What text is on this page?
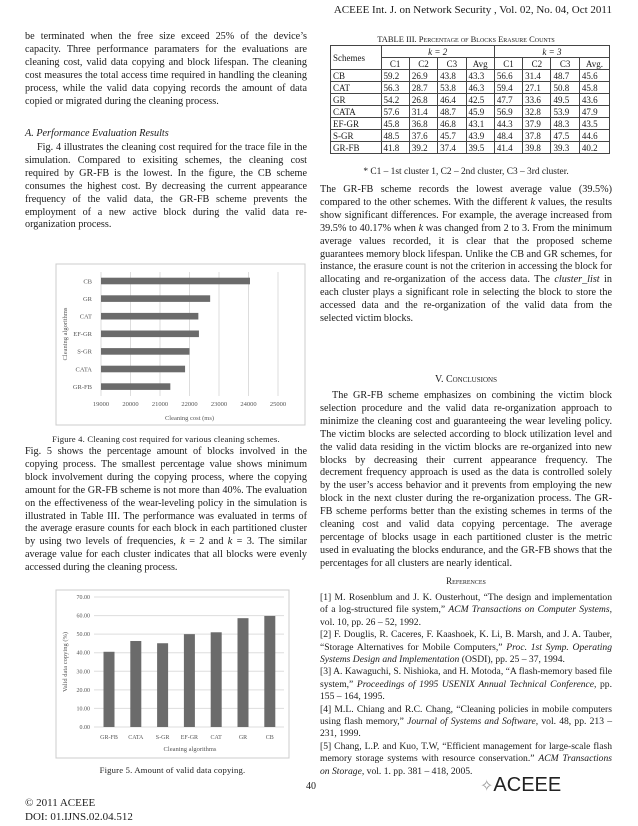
ACEEE Int. J. on Network Security , Vol. 02, No. 04, Oct 2011
be terminated when the free size exceed 25% of the device’s capacity. Three performance paramaters for the evaluations are cleaning cost, valid data copying and block lifespan. The cleaning cost measures the total access time required in handling the cleaning process, while the valid data copying records the amount of data copied or migrated during the cleaning process.
A. Performance Evaluation Results
Fig. 4 illustrates the cleaning cost required for the trace file in the simulation. Compared to exisiting schemes, the cleaning cost required by GR-FB is the lowest. In the figure, the CB scheme consumes the highest cost. By decreasing the current appearance frequency of the valid data, the GR-FB scheme prevents the employment of a new active block during the valid data re-organization process.
19000 20000 21000 22000 23000 24000 25000
CB
GR
CAT
EF-GR
S-GR
CATA
GR-FB
Cleaning cost (ms)
Cleaning algorithms
Figure 4. Cleaning cost required for various cleaning schemes.
Fig. 5 shows the percentage amount of blocks involved in the copying process. The smallest percentage value shows minimum block involvement during the copying process, where the copying amount for the GR-FB scheme is not more than 40%. The evaluation on the effectiveness of the wear-leveling policy in the simulation is illustrated in Table III. The performance was evaluated in terms of the average erasure counts for each block in each partitioned cluster by using two levels of frequencies, k = 2 and k = 3. The similar average value for each cluster indicates that all blocks were evenly accessed during the cleaning process.
0.00
10.00
20.00
30.00
40.00
50.00
60.00
70.00
GR-FB CATA S-GR EF-GR CAT	GR	CB
Cleaning algorithms
Valid data copying (%)
Figure 5. Amount of valid data copying.
© 2011 ACEEE
DOI: 01.IJNS.02.04.512
40
TABLE III. Percentage of Blocks Erasure Counts
Schemes	k = 2				k = 3			
	C1	C2	C3	Avg	C1	C2	C3	Avg.
CB	59.2	26.9	43.8	43.3	56.6	31.4	48.7	45.6
CAT	56.3	28.7	53.8	46.3	59.4	27.1	50.8	45.8
GR	54.2	26.8	46.4	42.5	47.7	33.6	49.5	43.6
CATA	57.6	31.4	48.7	45.9	56.9	32.8	53.9	47.9
EF-GR	45.8	36.8	46.8	43.1	44.3	37.9	48.3	43.5
S-GR	48.5	37.6	45.7	43.9	48.4	37.8	47.5	44.6
GR-FB	41.8	39.2	37.4	39.5	41.4	39.8	39.3	40.2
* C1 – 1st cluster 1, C2 – 2nd cluster, C3 – 3rd cluster.
The GR-FB scheme records the lowest average value (39.5%) compared to the other schemes. With the different k values, the results show significant differences. For example, the average increased from 39.5% to 40.17% when k was changed from 2 to 3. From the minimum average values recorded, it is clear that the proposed scheme guarantees memory block lifespan. Unlike the CB and GR schemes, for instance, the erasure count is not the criterion in accessing the block for allocating and re-organization of the access data. The cluster_list in each cluster plays a significant role in selecting the block to store the accessed data and the re-organization of the valid data from the selected victim blocks.
V. Conclusions
The GR-FB scheme emphasizes on combining the victim block selection procedure and the valid data re-organization approach to minimize the cleaning cost and guaranteeing the wear leveling policy. The victim blocks are selected according to block utilization level and the valid data residing in the victim blocks are re-organized into new blocks by decreasing their current appearance frequency. The decrement frequency approach is used as the data is controlled solely by the user’s access behavior and it prevents from employing the new block in the next cluster during the re-organization process. The GR-FB scheme performs better than the existing schemes in terms of the cleaning cost and valid data copying percentage. The average percentage of blocks usage in each partitioned cluster is the metric used in evaluating the blocks endurance, and the GR-FB shows that the percentages for all clusters are nearly identical.
References
[1] M. Rosenblum and J. K. Ousterhout, “The design and implementation of a log-structured file system,” ACM Transactions on Computer Systems, vol. 10, pp. 26 – 52, 1992.
[2] F. Douglis, R. Caceres, F. Kaashoek, K. Li, B. Marsh, and J. A. Tauber, “Storage Alternatives for Mobile Computers,” Proc. 1st Symp. Operating Systems Design and Implementation (OSDI), pp. 25 – 37, 1994.
[3] A. Kawaguchi, S. Nishioka, and H. Motoda, “A flash-memory based file system,” Proceedings of 1995 USENIX Annual Technical Conference, pp. 155 – 164, 1995.
[4] M.L. Chiang and R.C. Chang, “Cleaning policies in mobile computers using flash memory,” Journal of Systems and Software, vol. 48, pp. 213 – 231, 1999.
[5] Chang, L.P. and Kuo, T.W, “Efficient management for large-scale flash memory storage systems with resource conservation.” ACM Transactions on Storage, vol. 1. pp. 381 – 418, 2005.
✧ACEEE
